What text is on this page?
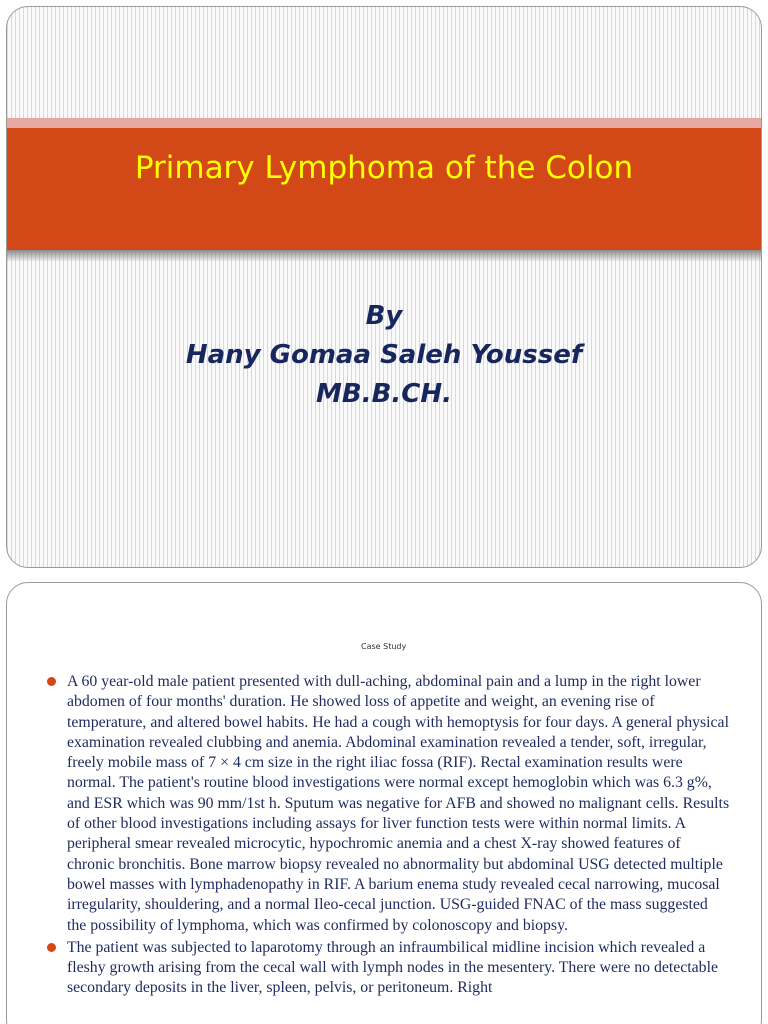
Primary Lymphoma of the Colon
By
Hany Gomaa Saleh Youssef
MB.B.CH.
Case Study
A 60 year-old male patient presented with dull-aching, abdominal pain and a lump in the right lower abdomen of four months' duration. He showed loss of appetite and weight, an evening rise of temperature, and altered bowel habits. He had a cough with hemoptysis for four days. A general physical examination revealed clubbing and anemia. Abdominal examination revealed a tender, soft, irregular, freely mobile mass of 7 × 4 cm size in the right iliac fossa (RIF). Rectal examination results were normal. The patient's routine blood investigations were normal except hemoglobin which was 6.3 g%, and ESR which was 90 mm/1st h. Sputum was negative for AFB and showed no malignant cells. Results of other blood investigations including assays for liver function tests were within normal limits. A peripheral smear revealed microcytic, hypochromic anemia and a chest X-ray showed features of chronic bronchitis. Bone marrow biopsy revealed no abnormality but abdominal USG detected multiple bowel masses with lymphadenopathy in RIF. A barium enema study revealed cecal narrowing, mucosal irregularity, shouldering, and a normal Ileo-cecal junction. USG-guided FNAC of the mass suggested the possibility of lymphoma, which was confirmed by colonoscopy and biopsy.
The patient was subjected to laparotomy through an infraumbilical midline incision which revealed a fleshy growth arising from the cecal wall with lymph nodes in the mesentery. There were no detectable secondary deposits in the liver, spleen, pelvis, or peritoneum. Right
